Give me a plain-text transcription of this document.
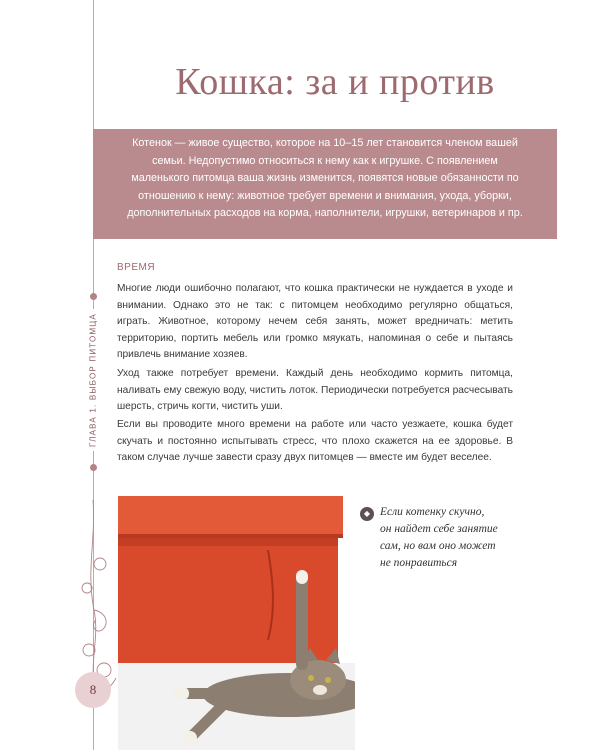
ГЛАВА 1. ВЫБОР ПИТОМЦА
8
Кошка: за и против
Котенок — живое существо, которое на 10–15 лет становится членом вашей семьи. Недопустимо относиться к нему как к игрушке. С появлением маленького питомца ваша жизнь изменится, появятся новые обязанности по отношению к нему: животное требует времени и внимания, ухода, уборки, дополнительных расходов на корма, наполнители, игрушки, ветеринаров и пр.
ВРЕМЯ

Многие люди ошибочно полагают, что кошка практически не нуждается в уходе и внимании. Однако это не так: с питомцем необходимо регулярно общаться, играть. Животное, которому нечем себя занять, может вредничать: метить территорию, портить мебель или громко мяукать, напоминая о себе и пытаясь привлечь внимание хозяев.

Уход также потребует времени. Каждый день необходимо кормить питомца, наливать ему свежую воду, чистить лоток. Периодически потребуется расчесывать шерсть, стричь когти, чистить уши.

Если вы проводите много времени на работе или часто уезжаете, кошка будет скучать и постоянно испытывать стресс, что плохо скажется на ее здоровье. В таком случае лучше завести сразу двух питомцев — вместе им будет веселее.

◆ Если котенку скучно,
он найдет себе занятие
сам, но вам оно может
не понравиться
